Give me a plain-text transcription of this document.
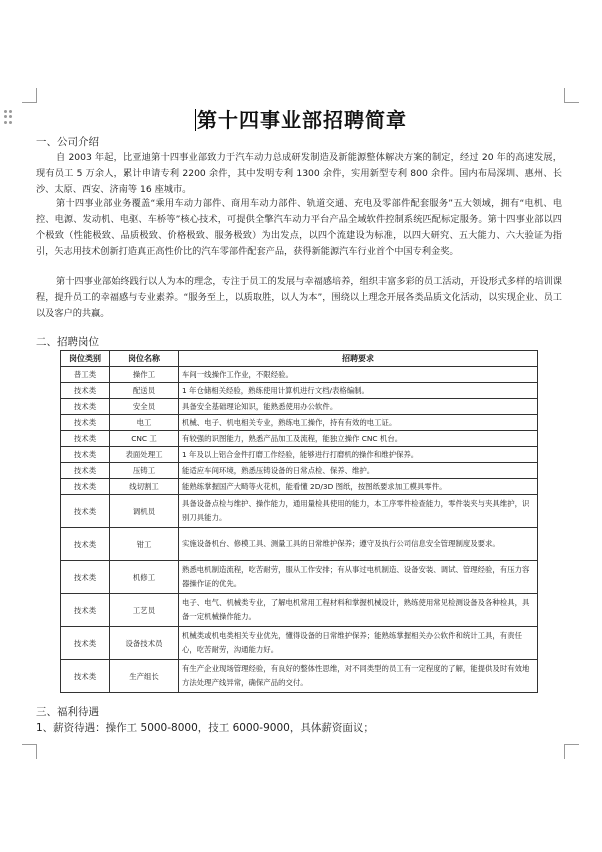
第十四事业部招聘简章
一、公司介绍
自 2003 年起，比亚迪第十四事业部致力于汽车动力总成研发制造及新能源整体解决方案的制定，经过 20 年的高速发展，现有员工 5 万余人，累计申请专利 2200 余件，其中发明专利 1300 余件，实用新型专利 800 余件。国内布局深圳、惠州、长沙、太原、西安、济南等 16 座城市。
第十四事业部业务覆盖“乘用车动力部件、商用车动力部件、轨道交通、充电及零部件配套服务”五大领域，拥有“电机、电控、电源、发动机、电驱、车桥等”核心技术，可提供全擎汽车动力平台产品全域软件控制系统匹配标定服务。第十四事业部以四个极致（性能极致、品质极致、价格极致、服务极致）为出发点，以四个流建设为标准，以四大研究、五大能力、六大验证为指引，矢志用技术创新打造真正高性价比的汽车零部件配套产品，获得新能源汽车行业首个中国专利金奖。
第十四事业部始终践行以人为本的理念，专注于员工的发展与幸福感培养，组织丰富多彩的员工活动，开设形式多样的培训课程，提升员工的幸福感与专业素养。“服务至上，以质取胜，以人为本”，围绕以上理念开展各类品质文化活动，以实现企业、员工以及客户的共赢。
二、招聘岗位
岗位类别	岗位名称	招聘要求
普工类	操作工	车间一线操作工作业，不限经验。
技术类	配送员	1 年仓储相关经验，熟练使用计算机进行文档/表格编制。
技术类	安全员	具备安全基础理论知识，能熟悉使用办公软件。
技术类	电工	机械、电子、机电相关专业，熟练电工操作，持有有效的电工证。
技术类	CNC 工	有较强的识图能力，熟悉产品加工及流程，能独立操作 CNC 机台。
技术类	表面处理工	1 年及以上铝合金件打磨工作经验，能够进行打磨机的操作和维护保养。
技术类	压铸工	能适应车间环境，熟悉压铸设备的日常点检、保养、维护。
技术类	线切割工	能熟练掌握国产大畸等火花机，能看懂 2D/3D 图纸，按图纸要求加工模具零件。
技术类	调机员	具备设备点检与维护、操作能力，通用量检具使用的能力，本工序零件检查能力，零件装夹与夹具维护，识别刀具能力。
技术类	钳工	实施设备机台、修模工具、测量工具的日常维护保养；遵守及执行公司信息安全管理制度及要求。
技术类	机修工	熟悉电机制造流程，吃苦耐劳，服从工作安排；有从事过电机制造、设备安装、调试、管理经验，有压力容器操作证的优先。
技术类	工艺员	电子、电气、机械类专业，了解电机常用工程材料和掌握机械设计，熟练使用常见检测设备及各种检具，具备一定机械操作能力。
技术类	设备技术员	机械类或机电类相关专业优先，懂得设备的日常维护保养；能熟练掌握相关办公软件和统计工具，有责任心，吃苦耐劳，沟通能力好。
技术类	生产组长	有生产企业现场管理经验，有良好的整体性思维，对不同类型的员工有一定程度的了解，能提供及时有效地方法处理产线异常，确保产品的交付。
三、福利待遇
1、薪资待遇：操作工 5000-8000，技工 6000-9000，具体薪资面议；
